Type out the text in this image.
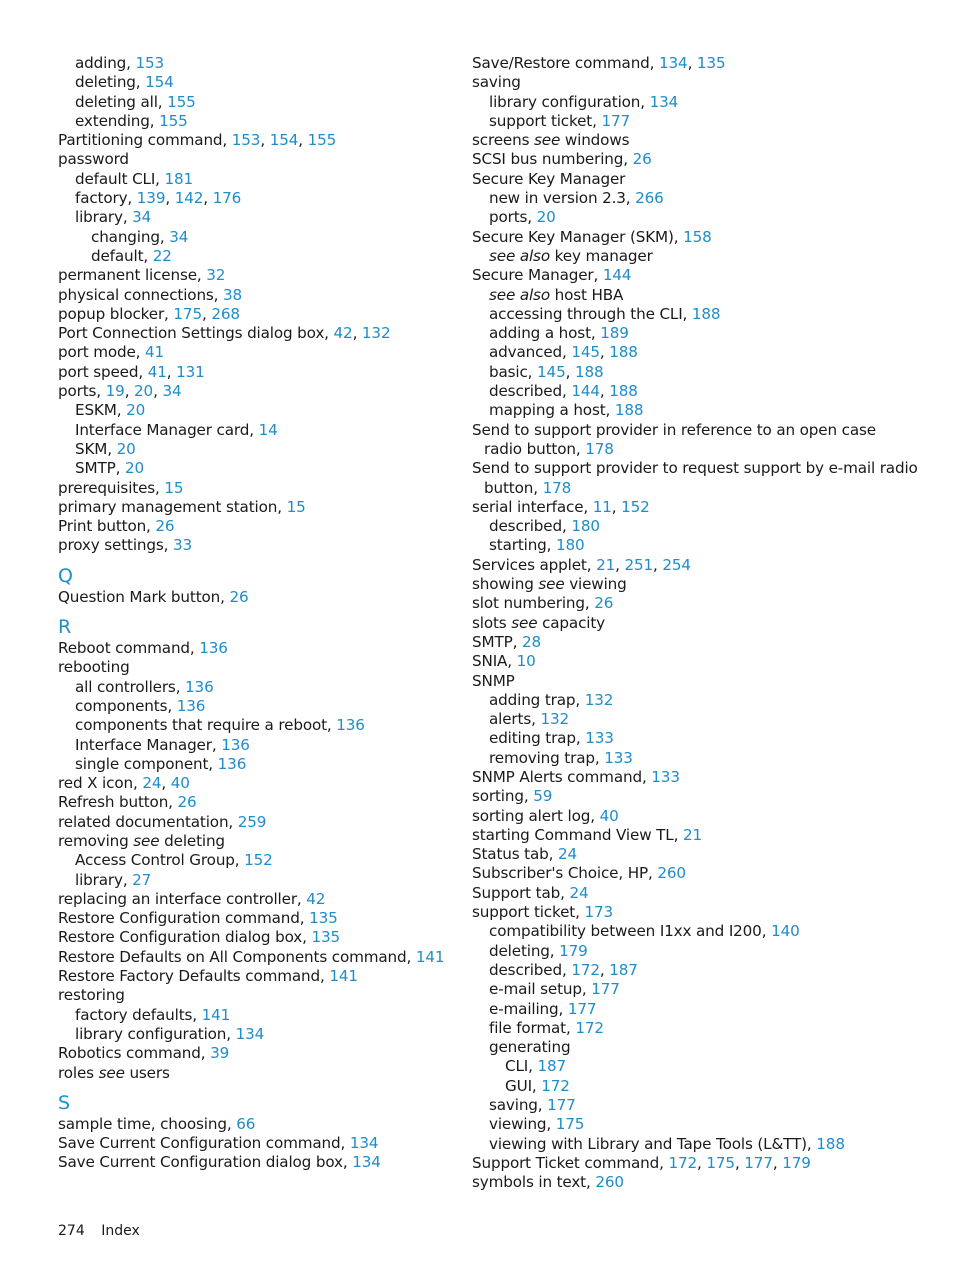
adding, 153
deleting, 154
deleting all, 155
extending, 155
Partitioning command, 153, 154, 155
password
default CLI, 181
factory, 139, 142, 176
library, 34
changing, 34
default, 22
permanent license, 32
physical connections, 38
popup blocker, 175, 268
Port Connection Settings dialog box, 42, 132
port mode, 41
port speed, 41, 131
ports, 19, 20, 34
ESKM, 20
Interface Manager card, 14
SKM, 20
SMTP, 20
prerequisites, 15
primary management station, 15
Print button, 26
proxy settings, 33
Q
Question Mark button, 26
R
Reboot command, 136
rebooting
all controllers, 136
components, 136
components that require a reboot, 136
Interface Manager, 136
single component, 136
red X icon, 24, 40
Refresh button, 26
related documentation, 259
removing see deleting
Access Control Group, 152
library, 27
replacing an interface controller, 42
Restore Configuration command, 135
Restore Configuration dialog box, 135
Restore Defaults on All Components command, 141
Restore Factory Defaults command, 141
restoring
factory defaults, 141
library configuration, 134
Robotics command, 39
roles see users
S
sample time, choosing, 66
Save Current Configuration command, 134
Save Current Configuration dialog box, 134
Save/Restore command, 134, 135
saving
library configuration, 134
support ticket, 177
screens see windows
SCSI bus numbering, 26
Secure Key Manager
new in version 2.3, 266
ports, 20
Secure Key Manager (SKM), 158
see also key manager
Secure Manager, 144
see also host HBA
accessing through the CLI, 188
adding a host, 189
advanced, 145, 188
basic, 145, 188
described, 144, 188
mapping a host, 188
Send to support provider in reference to an open case
radio button, 178
Send to support provider to request support by e-mail radio
button, 178
serial interface, 11, 152
described, 180
starting, 180
Services applet, 21, 251, 254
showing see viewing
slot numbering, 26
slots see capacity
SMTP, 28
SNIA, 10
SNMP
adding trap, 132
alerts, 132
editing trap, 133
removing trap, 133
SNMP Alerts command, 133
sorting, 59
sorting alert log, 40
starting Command View TL, 21
Status tab, 24
Subscriber's Choice, HP, 260
Support tab, 24
support ticket, 173
compatibility between I1xx and I200, 140
deleting, 179
described, 172, 187
e-mail setup, 177
e-mailing, 177
file format, 172
generating
CLI, 187
GUI, 172
saving, 177
viewing, 175
viewing with Library and Tape Tools (L&TT), 188
Support Ticket command, 172, 175, 177, 179
symbols in text, 260
274 Index
